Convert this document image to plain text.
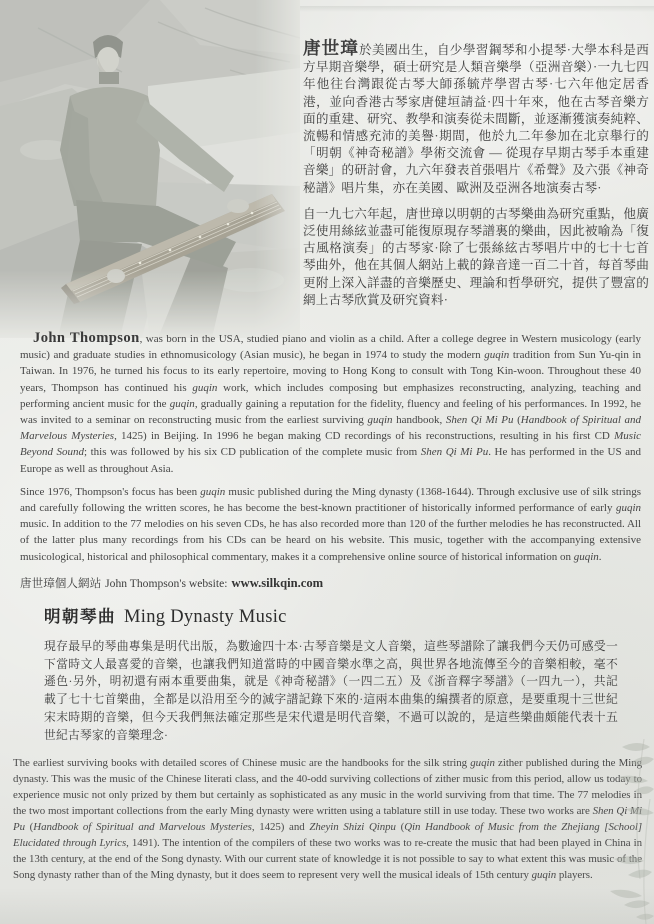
唐世璋於美國出生，自少學習鋼琴和小提琴·大學本科是西方早期音樂學，碩士研究是人類音樂學（亞洲音樂）·一九七四年他往台灣跟從古琴大師孫毓芹學習古琴·七六年他定居香港，並向香港古琴家唐健垣請益·四十年來，他在古琴音樂方面的重建、研究、教學和演奏從未間斷，並逐漸獲演奏純粹、流暢和情感充沛的美譽·期間，他於九二年參加在北京舉行的「明朝《神奇秘譜》學術交流會 — 從現存早期古琴手本重建音樂」的研討會，九六年發表首張唱片《希聲》及六張《神奇秘譜》唱片集，亦在美國、歐洲及亞洲各地演奏古琴·

自一九七六年起，唐世璋以明朝的古琴樂曲為研究重點，他廣泛使用絲絃並盡可能復原現存琴譜裏的樂曲，因此被喻為「復古風格演奏」的古琴家·除了七張絲絃古琴唱片中的七十七首琴曲外，他在其個人網站上載的錄音達一百二十首，每首琴曲更附上深入詳盡的音樂歷史、理論和哲學研究，提供了豐富的網上古琴欣賞及研究資料·

John Thompson, was born in the USA, studied piano and violin as a child. After a college degree in Western musicology (early music) and graduate studies in ethnomusicology (Asian music), he began in 1974 to study the modern guqin tradition from Sun Yu-qin in Taiwan. In 1976, he turned his focus to its early repertoire, moving to Hong Kong to consult with Tong Kin-woon. Throughout these 40 years, Thompson has continued his guqin work, which includes composing but emphasizes reconstructing, analyzing, teaching and performing ancient music for the guqin, gradually gaining a reputation for the fidelity, fluency and feeling of his performances. In 1992, he was invited to a seminar on reconstructing music from the earliest surviving guqin handbook, Shen Qi Mi Pu (Handbook of Spiritual and Marvelous Mysteries, 1425) in Beijing. In 1996 he began making CD recordings of his reconstructions, resulting in his first CD Music Beyond Sound; this was followed by his six CD publication of the complete music from Shen Qi Mi Pu. He has performed in the US and Europe as well as throughout Asia.

Since 1976, Thompson's focus has been guqin music published during the Ming dynasty (1368-1644). Through exclusive use of silk strings and carefully following the written scores, he has become the best-known practitioner of historically informed performance of early guqin music. In addition to the 77 melodies on his seven CDs, he has also recorded more than 120 of the further melodies he has reconstructed. All of the latter plus many recordings from his CDs can be heard on his website. This music, together with the accompanying extensive musicological, historical and philosophical commentary, makes it a comprehensive online source of historical information on guqin.

唐世璋個人網站 John Thompson's website: www.silkqin.com

明朝琴曲 Ming Dynasty Music

現存最早的琴曲專集是明代出版，為數逾四十本·古琴音樂是文人音樂，這些琴譜除了讓我們今天仍可感受一下當時文人最喜愛的音樂，也讓我們知道當時的中國音樂水準之高，與世界各地流傳至今的音樂相較，毫不遜色·另外，明初還有兩本重要曲集，就是《神奇秘譜》（一四二五）及《浙音釋字琴譜》（一四九一），共記載了七十七首樂曲，全都是以沿用至今的減字譜記錄下來的·這兩本曲集的編撰者的原意，是要重現十三世紀宋末時期的音樂，但今天我們無法確定那些是宋代還是明代音樂，不過可以說的，是這些樂曲頗能代表十五世紀古琴家的音樂理念·

The earliest surviving books with detailed scores of Chinese music are the handbooks for the silk string guqin zither published during the Ming dynasty. This was the music of the Chinese literati class, and the 40-odd surviving collections of zither music from this period, allow us today to experience music not only prized by them but certainly as sophisticated as any music in the world surviving from that time. The 77 melodies in the two most important collections from the early Ming dynasty were written using a tablature still in use today. These two works are Shen Qi Mi Pu (Handbook of Spiritual and Marvelous Mysteries, 1425) and Zheyin Shizi Qinpu (Qin Handbook of Music from the Zhejiang [School] Elucidated through Lyrics, 1491). The intention of the compilers of these two works was to re-create the music that had been played in China in the 13th century, at the end of the Song dynasty. With our current state of knowledge it is not possible to say to what extent this was music of the Song dynasty rather than of the Ming dynasty, but it does seem to represent very well the musical ideals of 15th century guqin players.
